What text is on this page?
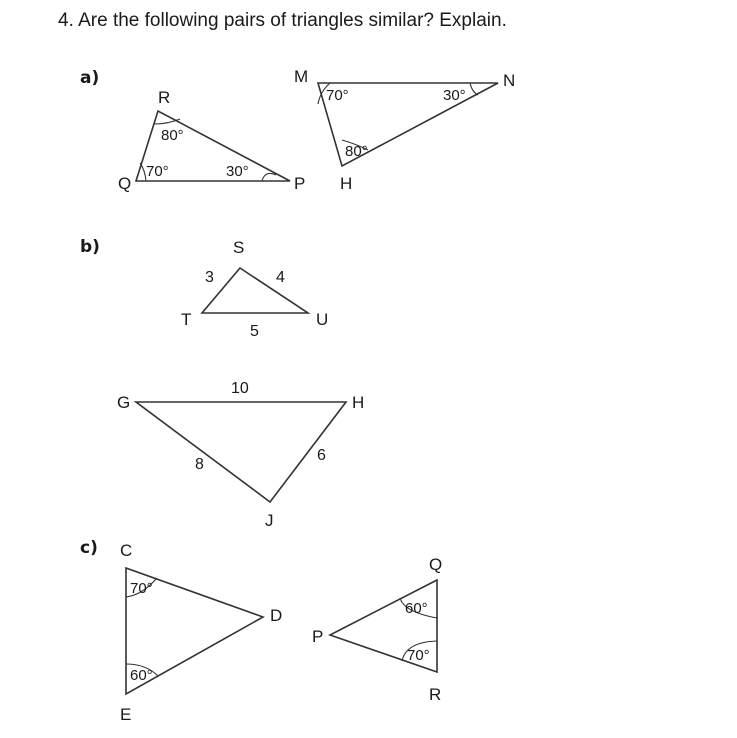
4. Are the following pairs of triangles similar? Explain.
a)
b)
c)
R
Q	P
80°
70°	30°
M	N
H
70°	30°
80°
S
T	U
3	4
5
G	H
J
10
8
6
C
D
E
70°
60°
Q
P
R
60°
70°
